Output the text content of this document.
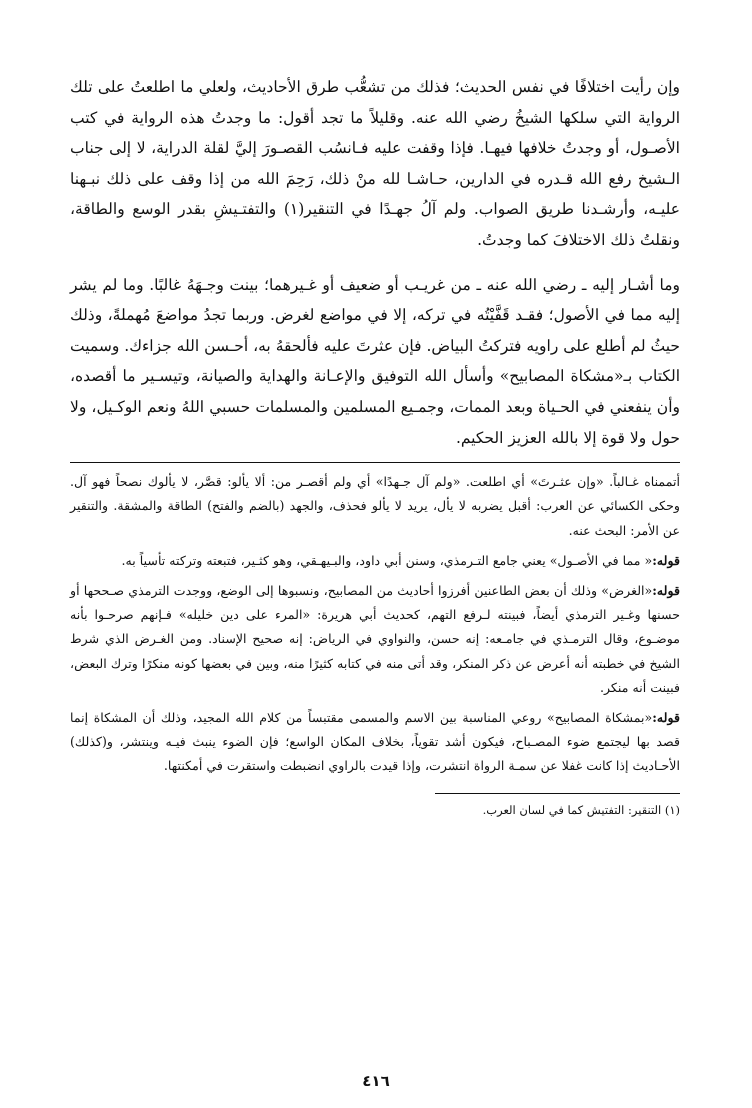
وإن رأيت اختلافًا في نفس الحديث؛ فذلك من تشعُّب طرق الأحاديث، ولعلي ما اطلعتُ على تلك الرواية التي سلكها الشيخُ رضي الله عنه. وقليلاً ما تجد أقول: ما وجدتُ هذه الرواية في كتب الأصـول، أو وجدتُ خلافها فيهـا. فإذا وقفت عليه فـانسُب القصـورَ إليَّ لقلة الدراية، لا إلى جناب الـشيخ رفع الله قـدره في الدارين، حـاشـا لله منْ ذلك، رَحِمَ الله من إذا وقف على ذلك نبـهنا عليـه، وأرشـدنا طريق الصواب. ولم آلُ جهـدًا في التنقير(١) والتفتـيشِ بقدر الوسع والطاقة، ونقلتُ ذلك الاختلافَ كما وجدتُ.

وما أشـار إليه ـ رضي الله عنه ـ من غريـب أو ضعيف أو غـيرهما؛ بينت وجـهَهُ غالبًا. وما لم يشر إليه مما في الأصول؛ فقـد قَفَّيْتُه في تركه، إلا في مواضع لغرض. وربما تجدُ مواضعَ مُهملةً، وذلك حيثُ لم أطلع على راويه فتركتُ البياض. فإن عثرتَ عليه فألحقهُ به، أحـسن الله جزاءك. وسميت الكتاب بـ«مشكاة المصابيح» وأسأل الله التوفيق والإعـانة والهداية والصيانة، وتيسـير ما أقصده، وأن ينفعني في الحـياة وبعد الممات، وجمـيع المسلمين والمسلمات حسبي اللهُ ونعم الوكـيل، ولا حول ولا قوة إلا بالله العزيز الحكيم.

أتممناه غـالباً. «وإن عثـرتَ» أي اطلعت. «ولم آل جـهدًا» أي ولم أقصـر من: ألا يألو: قصَّر، لا يألوك نصحاً فهو آل. وحكى الكسائي عن العرب: أقبل يضربه لا يأل، يريد لا يألو فحذف، والجهد (بالضم والفتح) الطاقة والمشقة. والتنقير عن الأمر: البحث عنه.

قوله:« مما في الأصـول» يعني جامع التـرمذي، وسنن أبي داود، والبـيهـقي، وهو كثـير، فتبعته وتركته تأسياً به.

قوله:«الغرض» وذلك أن بعض الطاعنين أفرزوا أحاديث من المصابيح، ونسبوها إلى الوضع، ووجدت الترمذي صـححها أو حسنها وغـير الترمذي أيضاً، فبينته لـرفع التهم، كحديث أبي هريرة: «المرء على دين خليله» فـإنهم صرحـوا بأنه موضـوع، وقال الترمـذي في جامـعه: إنه حسن، والنواوي في الرياض: إنه صحيح الإسناد. ومن الغـرض الذي شرط الشيخ في خطبته أنه أعرض عن ذكر المنكر، وقد أتى منه في كتابه كثيرًا منه، وبين في بعضها كونه منكرًا وترك البعض، فبينت أنه منكر.

قوله:«بمشكاة المصابيح» روعي المناسبة بين الاسم والمسمى مقتبساً من كلام الله المجيد، وذلك أن المشكاة إنما قصد بها ليجتمع ضوء المصـباح، فيكون أشد تقوياً، بخلاف المكان الواسع؛ فإن الضوء ينبث فيـه وينتشر، و(كذلك) الأحـاديث إذا كانت غفلا عن سمـة الرواة انتشرت، وإذا قيدت بالراوي انضبطت واستقرت في أمكنتها.

(١) التنقير: التفتيش كما في لسان العرب.

٤١٦
